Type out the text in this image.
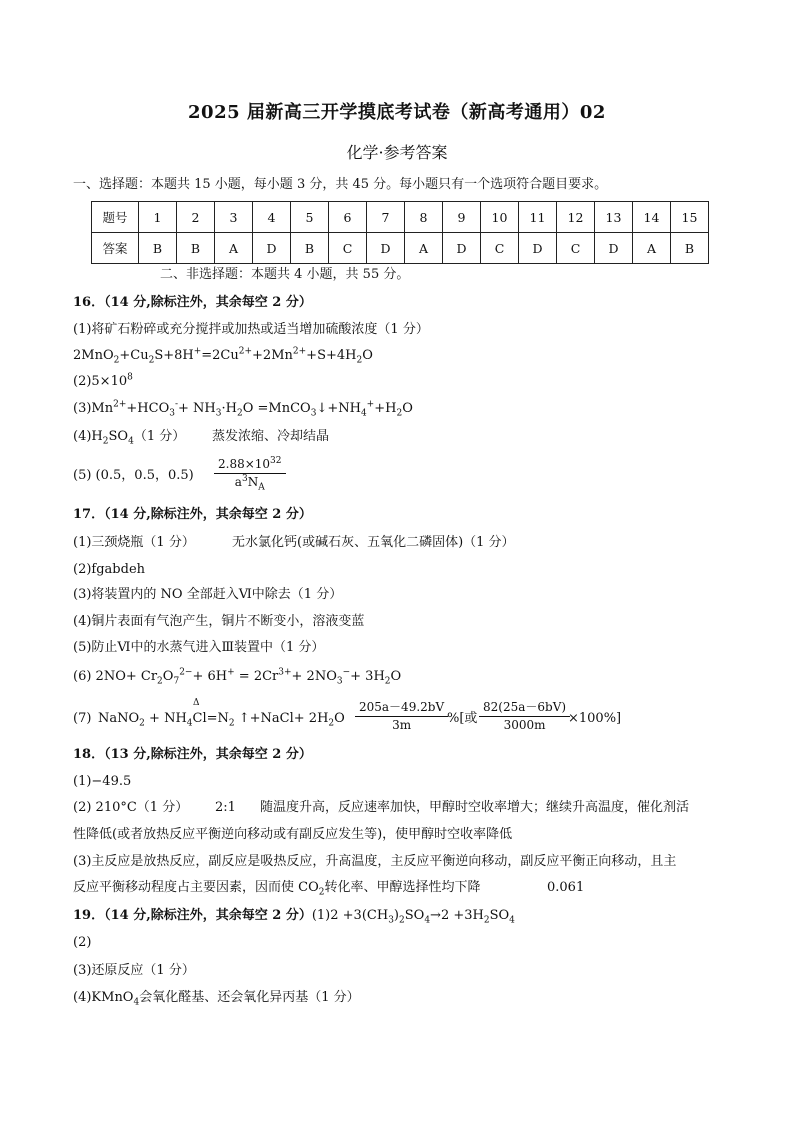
2025 届新高三开学摸底考试卷（新高考通用）02
化学·参考答案
一、选择题：本题共 15 小题，每小题 3 分，共 45 分。每小题只有一个选项符合题目要求。
题号	1	2	3	4	5	6	7	8	9	10	11	12	13	14	15
答案	B	B	A	D	B	C	D	A	D	C	D	C	D	A	B
二、非选择题：本题共 4 小题，共 55 分。
16．（14 分,除标注外，其余每空 2 分）
(1)将矿石粉碎或充分搅拌或加热或适当增加硫酸浓度（1 分）
$2MnO_2+Cu_2S+8H^+=2Cu^{2+}+2Mn^{2+}+S+4H_2O$
$(2)5\times 10^8$
$(3)Mn^{2+}+HCO_3^-+ NH_3\cdot H_2O$ $=MnCO_3↓+NH_4^++H_2O$
$(4)H_2SO_4(1$ 分） 蒸发浓缩、冷却结晶
(5) (0.5，0.5，$0.5) \frac{2.88\times 10^{32}}{a^3N_A}$
17．（14 分,除标注外，其余每空 2 分）
(1)三颈烧瓶（1 分）	无水氯化钙(或碱石灰、五氧化二磷固体)（1 分）
(2)fgabdeh
(3)将装置内的 NO 全部赶入Ⅵ中除去（1 分）
(4)铜片表面有气泡产生，铜片不断变小，溶液变蓝
(5)防止Ⅵ中的水蒸气进入Ⅲ装置中（1 分）
(6) $2NO+ Cr_2O_7^{2-}+ 6H^+ = 2Cr^{3+}+ 2NO_3^-+ 3H_2O$
(7)
Δ
NaNO$_2$ + $NH_4Cl=N_2$ ↑+NaCl+ $2H_2O \frac{205a-49.2bV}{3m}$
%[或 $\frac{82(25a-6bV)}{3000m}$
×100%]
18．（13 分,除标注外，其余每空 2 分）
(1)−49.5
(2) 210°C（1 分） 2:1 随温度升高，反应速率加快，甲醇时空收率增大；继续升高温度，催化剂活
性降低(或者放热反应平衡逆向移动或有副反应发生等)，使甲醇时空收率降低
(3)主反应是放热反应，副反应是吸热反应，升高温度，主反应平衡逆向移动，副反应平衡正向移动，且主
反应平衡移动程度占主要因素，因而使 $CO_2$转化率、甲醇选择性均下降	0.061
19．（14 分,除标注外，其余每空 2 分）$(1)2 +3(CH_3)_2SO_4\to 2 +3H_2SO_4$
(2)
(3)还原反应（1 分）
(4)KMnO$_4$会氧化醛基、还会氧化异丙基（1 分）
